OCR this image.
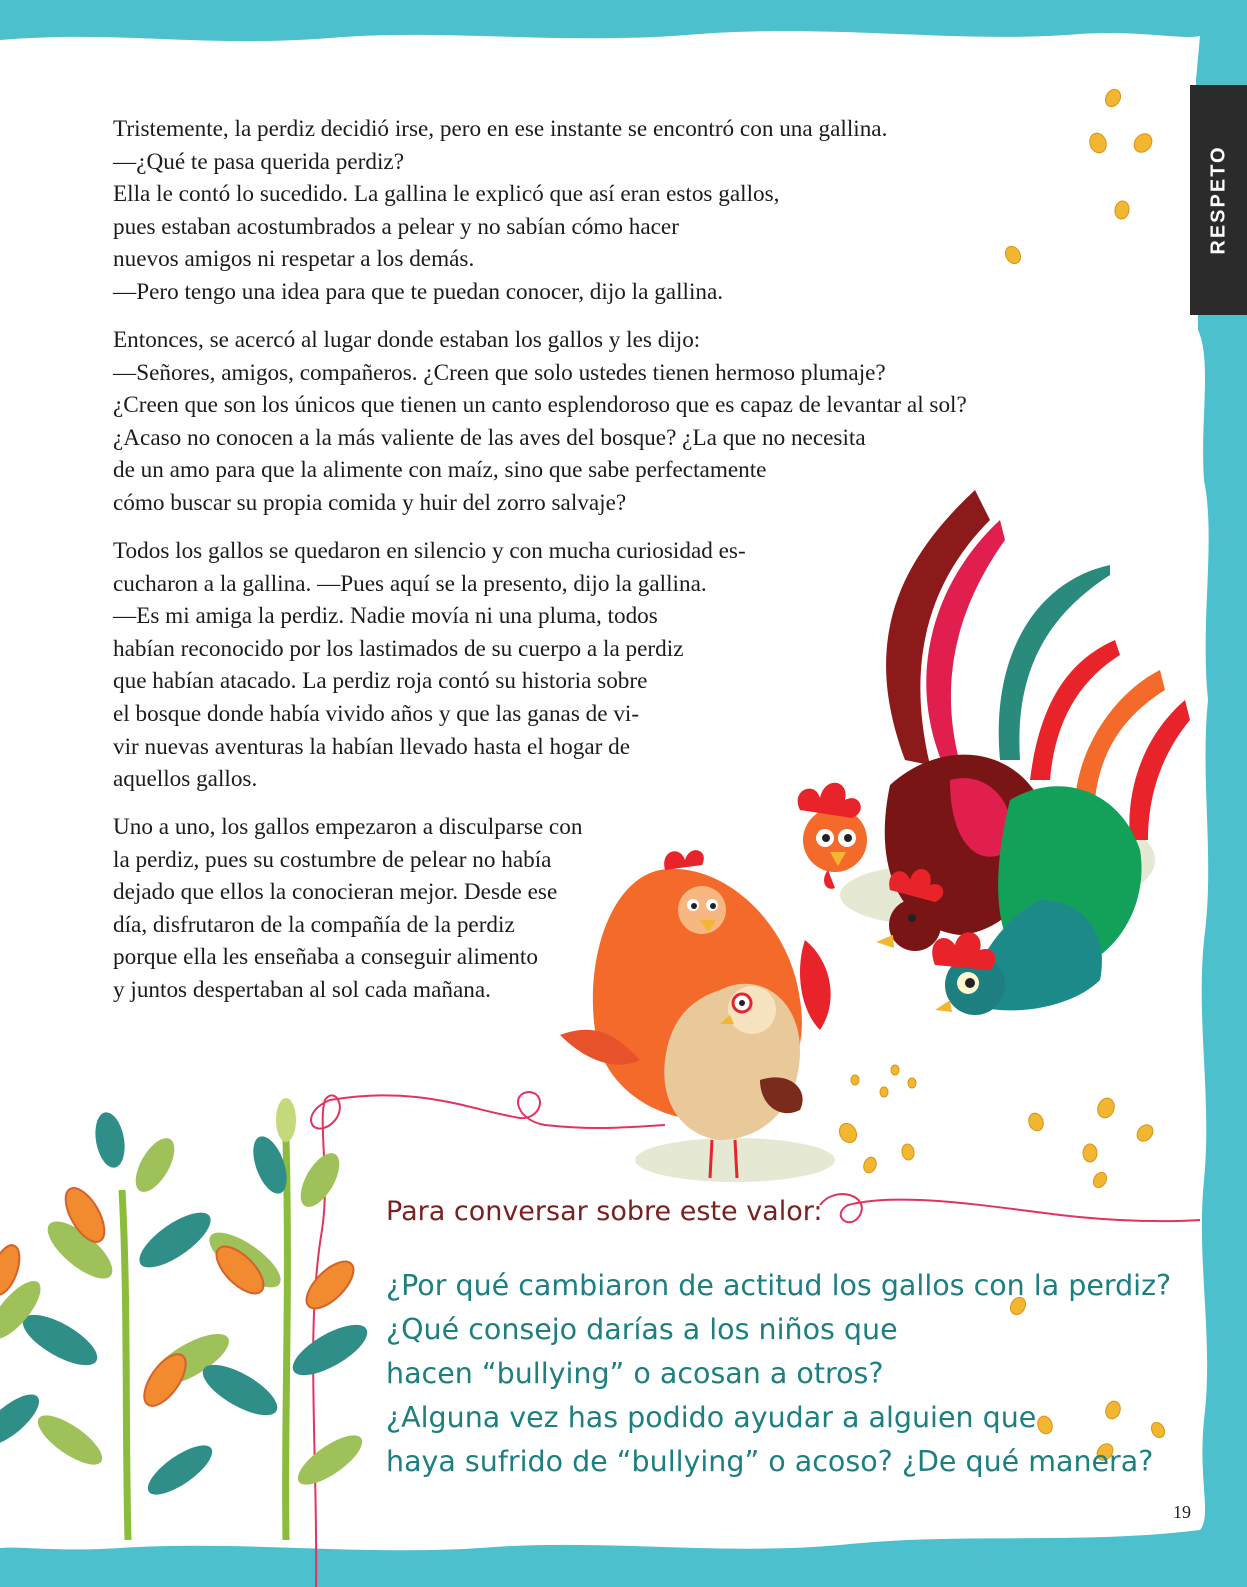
RESPETO
Tristemente, la perdiz decidió irse, pero en ese instante se encontró con una gallina.
—¿Qué te pasa querida perdiz?
Ella le contó lo sucedido. La gallina le explicó que así eran estos gallos,
pues estaban acostumbrados a pelear y no sabían cómo hacer
nuevos amigos ni respetar a los demás.
—Pero tengo una idea para que te puedan conocer, dijo la gallina.
Entonces, se acercó al lugar donde estaban los gallos y les dijo:
—Señores, amigos, compañeros. ¿Creen que solo ustedes tienen hermoso plumaje?
¿Creen que son los únicos que tienen un canto esplendoroso que es capaz de levantar al sol?
¿Acaso no conocen a la más valiente de las aves del bosque? ¿La que no necesita
de un amo para que la alimente con maíz, sino que sabe perfectamente
cómo buscar su propia comida y huir del zorro salvaje?
Todos los gallos se quedaron en silencio y con mucha curiosidad es-
cucharon a la gallina. —Pues aquí se la presento, dijo la gallina.
—Es mi amiga la perdiz. Nadie movía ni una pluma, todos
habían reconocido por los lastimados de su cuerpo a la perdiz
que habían atacado. La perdiz roja contó su historia sobre
el bosque donde había vivido años y que las ganas de vi-
vir nuevas aventuras la habían llevado hasta el hogar de
aquellos gallos.
Uno a uno, los gallos empezaron a disculparse con
la perdiz, pues su costumbre de pelear no había
dejado que ellos la conocieran mejor. Desde ese
día, disfrutaron de la compañía de la perdiz
porque ella les enseñaba a conseguir alimento
y juntos despertaban al sol cada mañana.
Para conversar sobre este valor:
¿Por qué cambiaron de actitud los gallos con la perdiz?
¿Qué consejo darías a los niños que
hacen “bullying” o acosan a otros?
¿Alguna vez has podido ayudar a alguien que
haya sufrido de “bullying” o acoso? ¿De qué manera?
19
